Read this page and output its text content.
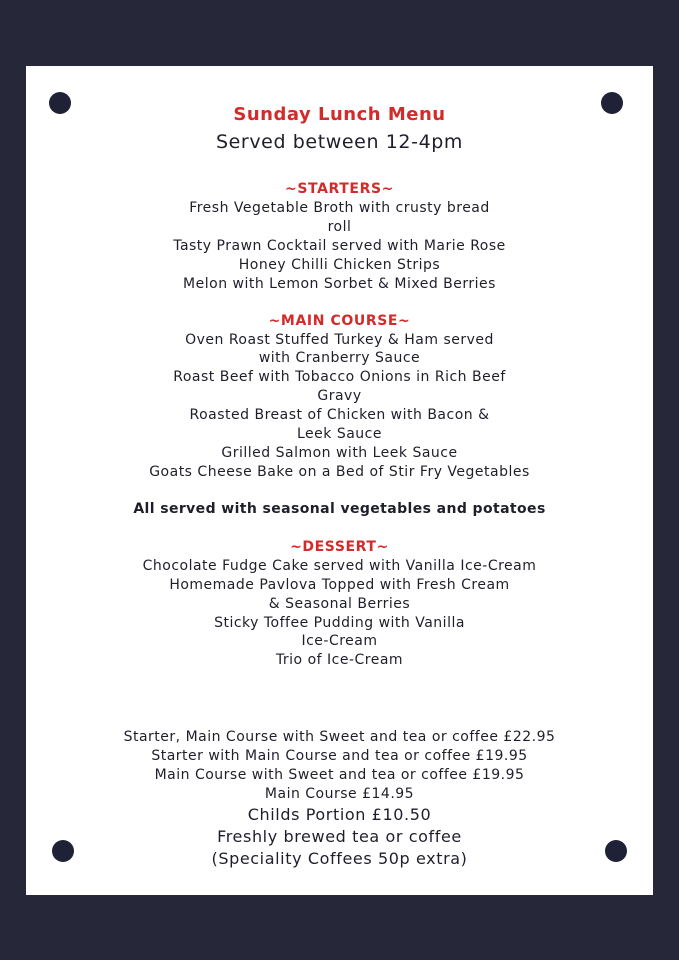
Sunday Lunch Menu
Served between 12-4pm
~STARTERS~
Fresh Vegetable Broth with crusty bread
roll
Tasty Prawn Cocktail served with Marie Rose
Honey Chilli Chicken Strips
Melon with Lemon Sorbet & Mixed Berries
~MAIN COURSE~
Oven Roast Stuffed Turkey & Ham served
with Cranberry Sauce
Roast Beef with Tobacco Onions in Rich Beef
Gravy
Roasted Breast of Chicken with Bacon &
Leek Sauce
Grilled Salmon with Leek Sauce
Goats Cheese Bake on a Bed of Stir Fry Vegetables
All served with seasonal vegetables and potatoes
~DESSERT~
Chocolate Fudge Cake served with Vanilla Ice-Cream
Homemade Pavlova Topped with Fresh Cream
& Seasonal Berries
Sticky Toffee Pudding with Vanilla
Ice-Cream
Trio of Ice-Cream
Starter, Main Course with Sweet and tea or coffee £22.95
Starter with Main Course and tea or coffee £19.95
Main Course with Sweet and tea or coffee £19.95
Main Course £14.95
Childs Portion £10.50
Freshly brewed tea or coffee
(Speciality Coffees 50p extra)
